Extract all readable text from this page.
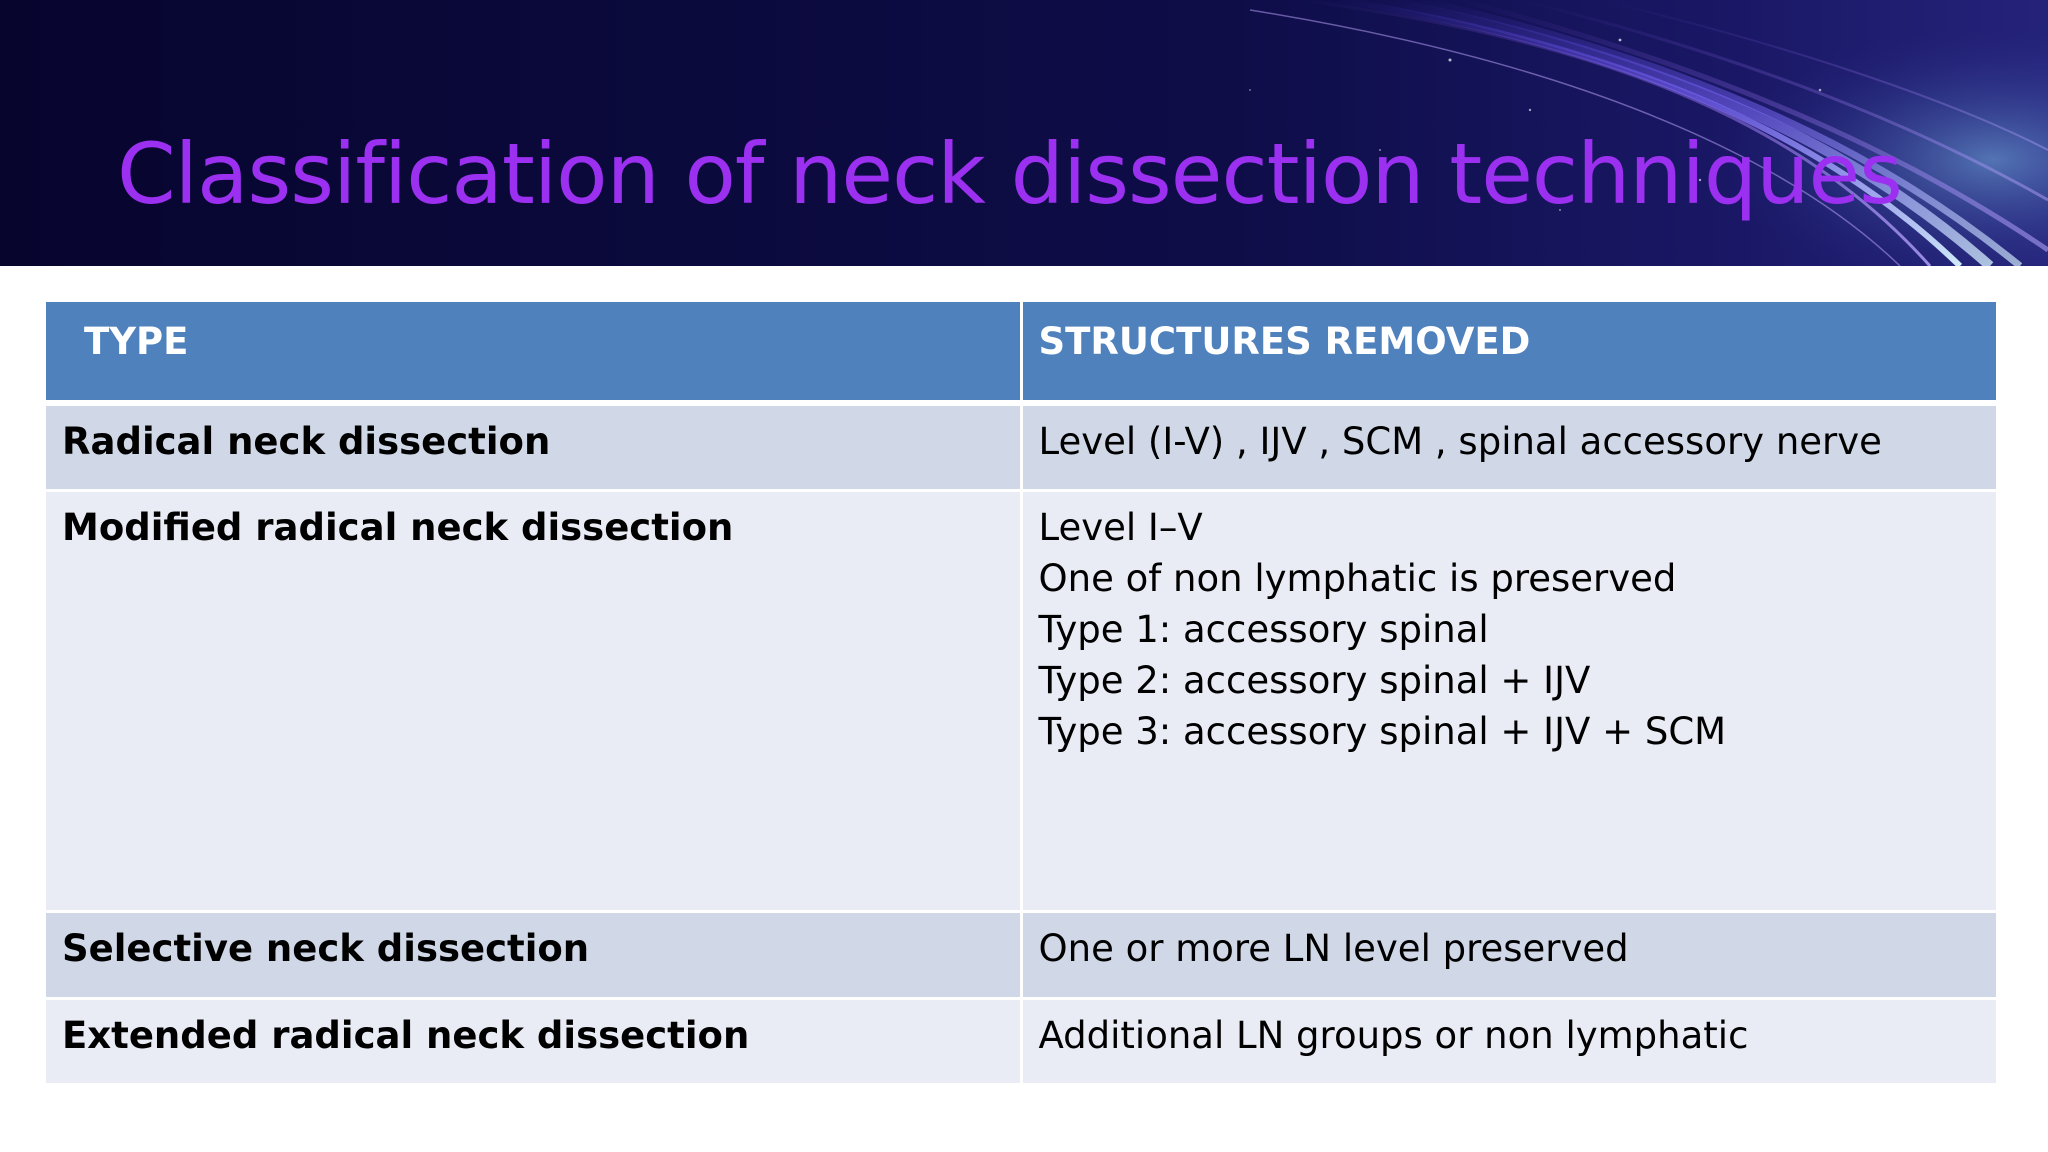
Classification of neck dissection techniques
TYPE	STRUCTURES REMOVED
Radical neck dissection	Level (I-V) , IJV , SCM , spinal accessory nerve

Modified radical neck dissection	Level I–V
One of non lymphatic is preserved
Type 1: accessory spinal
Type 2: accessory spinal + IJV
Type 3: accessory spinal + IJV + SCM

Selective neck dissection	One or more LN level preserved

Extended radical neck dissection	Additional LN groups or non lymphatic
